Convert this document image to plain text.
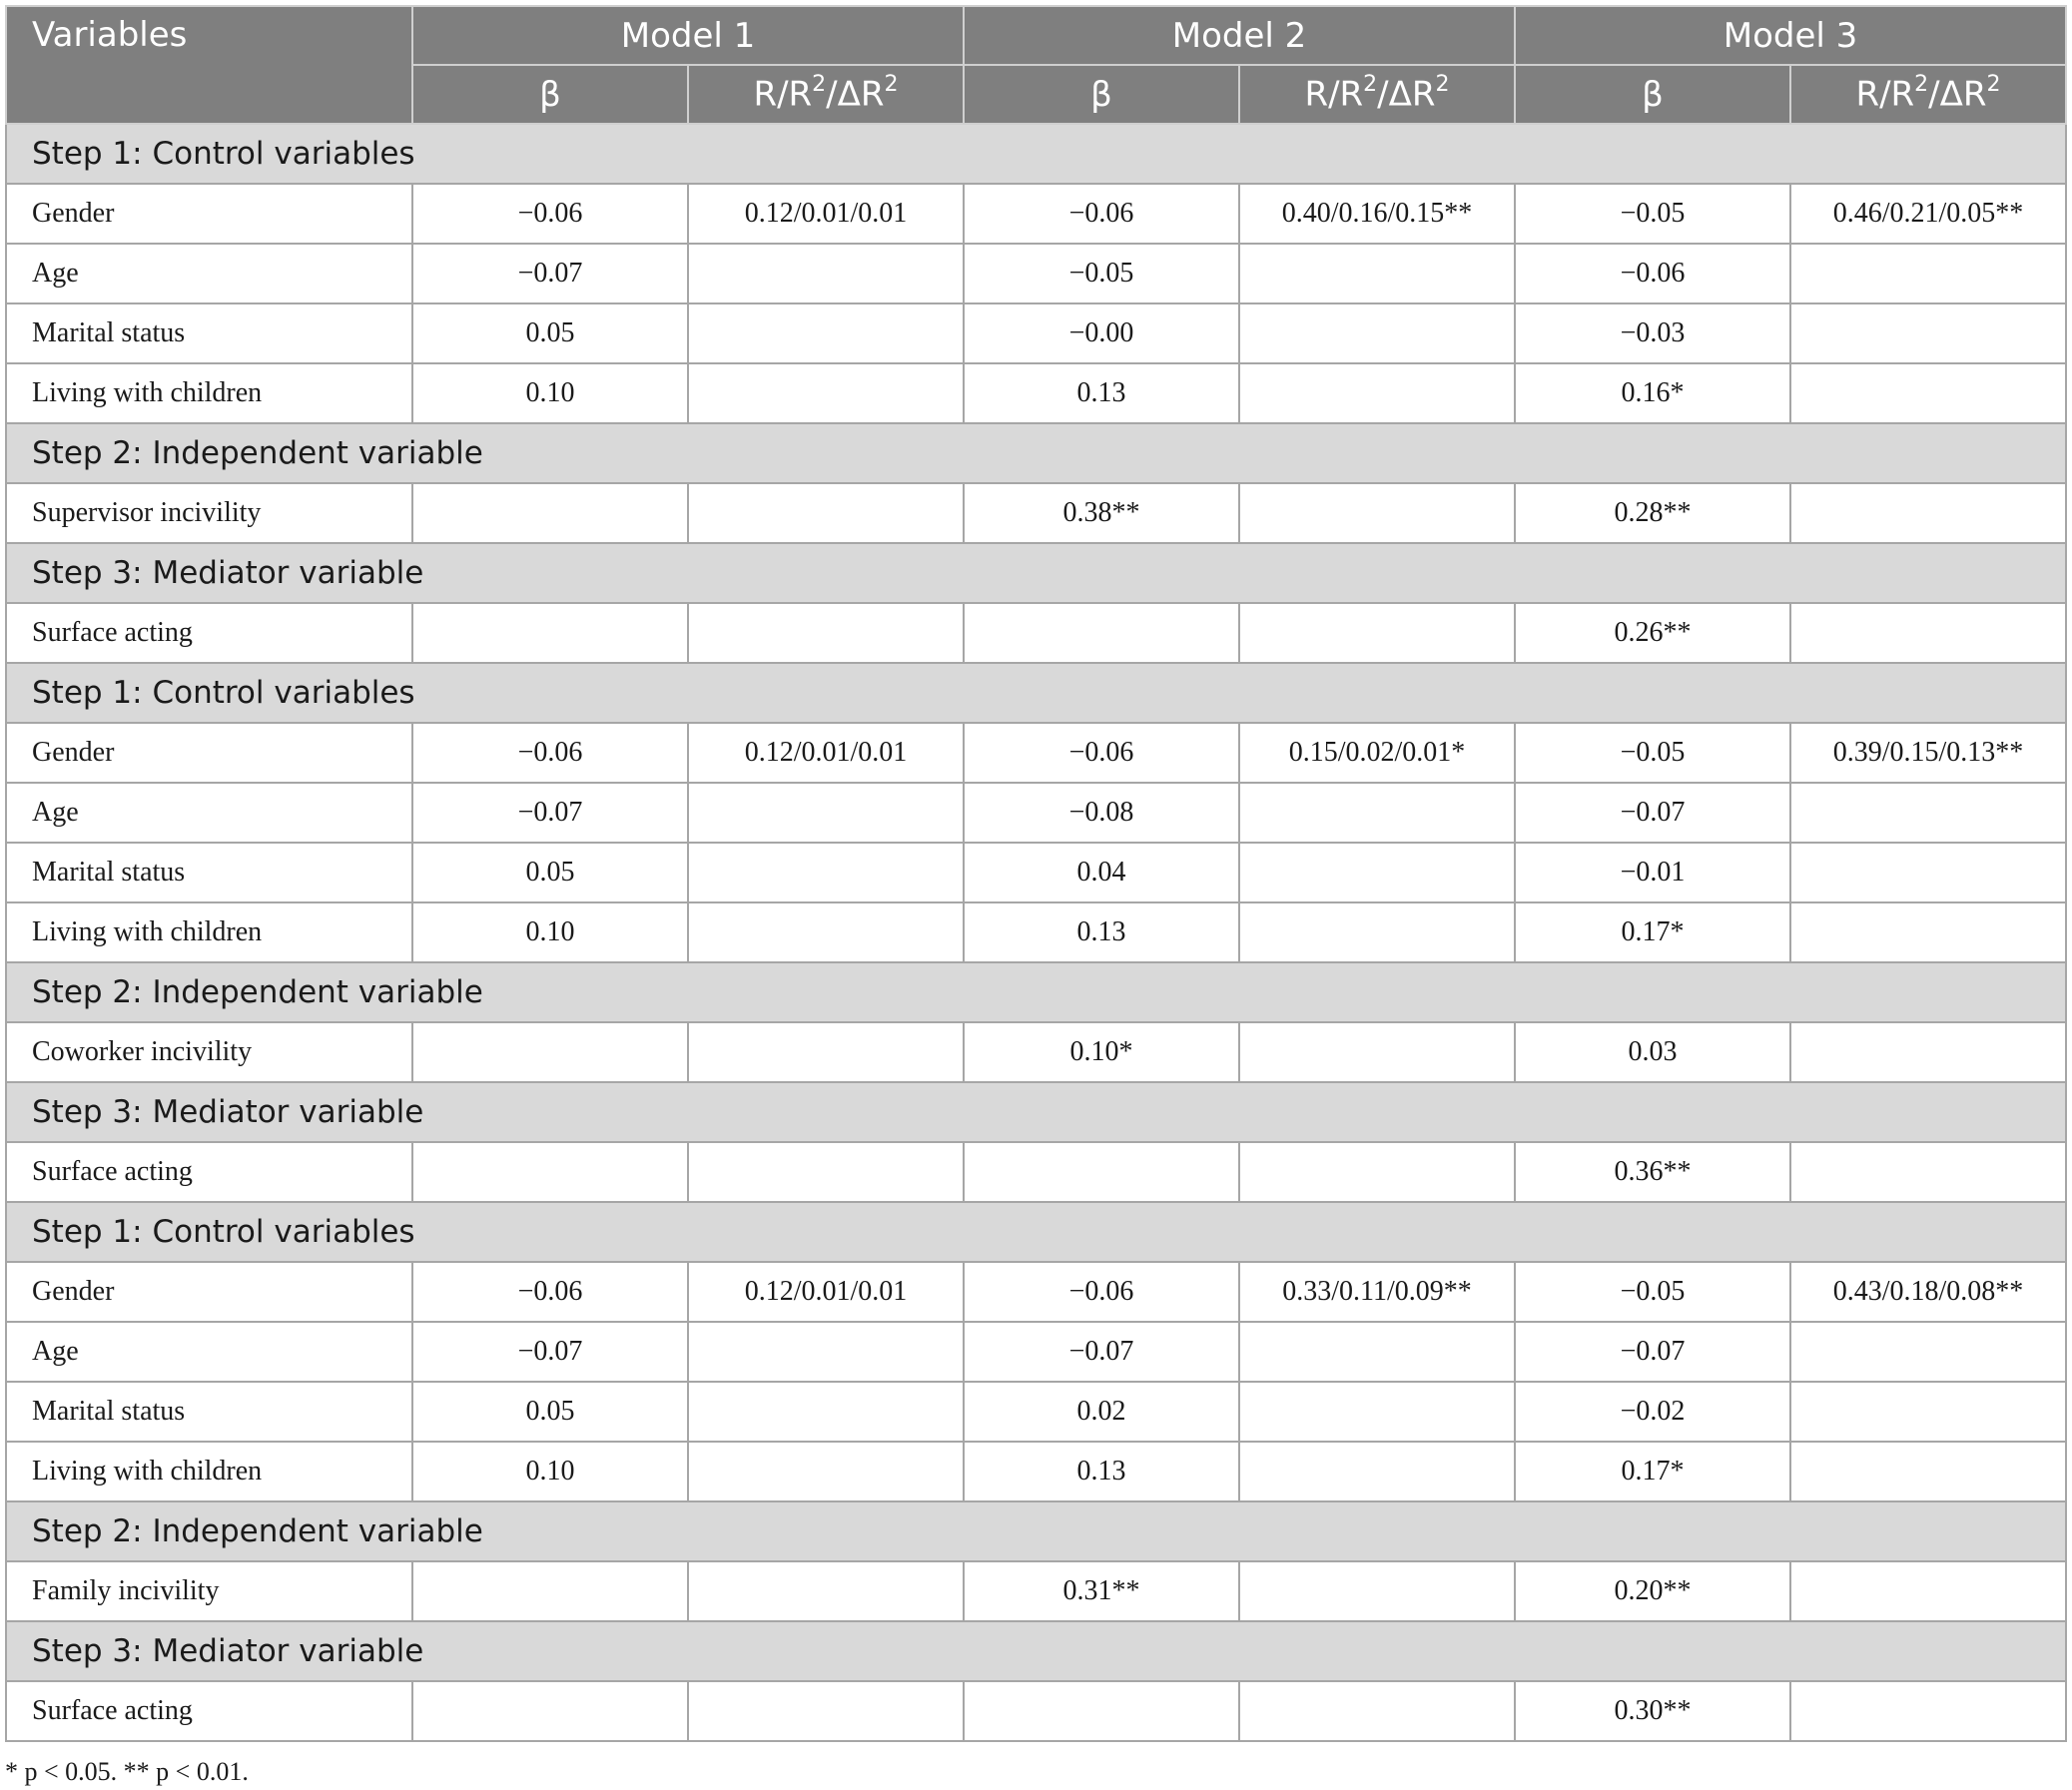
Variables	Model 1		Model 2		Model 3	
	β	$R/R^2/\Delta R^2$	β	$R/R^2/\Delta R^2$	β	$R/R^2/\Delta R^2$
Step 1: Control variables						
Gender	−0.06	0.12/0.01/0.01	−0.06	0.40/0.16/0.15**	−0.05	0.46/0.21/0.05**
Age	−0.07		−0.05		−0.06	
Marital status	0.05		−0.00		−0.03	
Living with children	0.10		0.13		0.16*	
Step 2: Independent variable						
Supervisor incivility			0.38**		0.28**	
Step 3: Mediator variable						
Surface acting					0.26**	
Step 1: Control variables						
Gender	−0.06	0.12/0.01/0.01	−0.06	0.15/0.02/0.01*	−0.05	0.39/0.15/0.13**
Age	−0.07		−0.08		−0.07	
Marital status	0.05		0.04		−0.01	
Living with children	0.10		0.13		0.17*	
Step 2: Independent variable						
Coworker incivility			0.10*		0.03	
Step 3: Mediator variable						
Surface acting					0.36**	
Step 1: Control variables						
Gender	−0.06	0.12/0.01/0.01	−0.06	0.33/0.11/0.09**	−0.05	0.43/0.18/0.08**
Age	−0.07		−0.07		−0.07	
Marital status	0.05		0.02		−0.02	
Living with children	0.10		0.13		0.17*	
Step 2: Independent variable						
Family incivility			0.31**		0.20**	
Step 3: Mediator variable						
Surface acting					0.30**	
* p < 0.05. ** p < 0.01.
